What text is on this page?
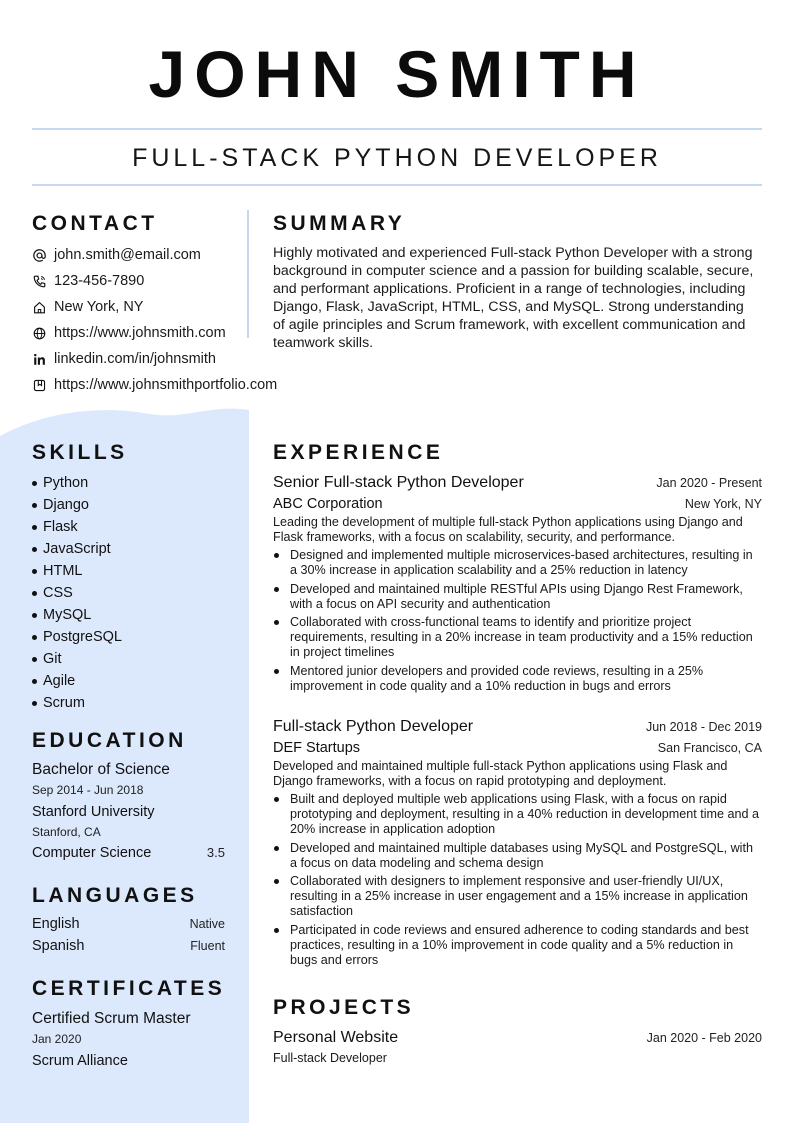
JOHN SMITH
FULL-STACK PYTHON DEVELOPER
CONTACT
john.smith@email.com
123-456-7890
New York, NY
https://www.johnsmith.com
linkedin.com/in/johnsmith
https://www.johnsmithportfolio.com
SUMMARY
Highly motivated and experienced Full-stack Python Developer with a strong background in computer science and a passion for building scalable, secure, and performant applications. Proficient in a range of technologies, including Django, Flask, JavaScript, HTML, CSS, and MySQL. Strong understanding of agile principles and Scrum framework, with excellent communication and teamwork skills.
SKILLS
Python
Django
Flask
JavaScript
HTML
CSS
MySQL
PostgreSQL
Git
Agile
Scrum
EDUCATION
Bachelor of Science
Sep 2014 - Jun 2018
Stanford University
Stanford, CA
Computer Science	3.5
LANGUAGES
English	Native
Spanish	Fluent
CERTIFICATES
Certified Scrum Master
Jan 2020
Scrum Alliance
EXPERIENCE
Senior Full-stack Python Developer	Jan 2020 - Present
ABC Corporation	New York, NY
Leading the development of multiple full-stack Python applications using Django and Flask frameworks, with a focus on scalability, security, and performance.
Designed and implemented multiple microservices-based architectures, resulting in a 30% increase in application scalability and a 25% reduction in latency
Developed and maintained multiple RESTful APIs using Django Rest Framework, with a focus on API security and authentication
Collaborated with cross-functional teams to identify and prioritize project requirements, resulting in a 20% increase in team productivity and a 15% reduction in project timelines
Mentored junior developers and provided code reviews, resulting in a 25% improvement in code quality and a 10% reduction in bugs and errors
Full-stack Python Developer	Jun 2018 - Dec 2019
DEF Startups	San Francisco, CA
Developed and maintained multiple full-stack Python applications using Flask and Django frameworks, with a focus on rapid prototyping and deployment.
Built and deployed multiple web applications using Flask, with a focus on rapid prototyping and deployment, resulting in a 40% reduction in development time and a 20% increase in application adoption
Developed and maintained multiple databases using MySQL and PostgreSQL, with a focus on data modeling and schema design
Collaborated with designers to implement responsive and user-friendly UI/UX, resulting in a 25% increase in user engagement and a 15% increase in application satisfaction
Participated in code reviews and ensured adherence to coding standards and best practices, resulting in a 10% improvement in code quality and a 5% reduction in bugs and errors
PROJECTS
Personal Website	Jan 2020 - Feb 2020
Full-stack Developer
